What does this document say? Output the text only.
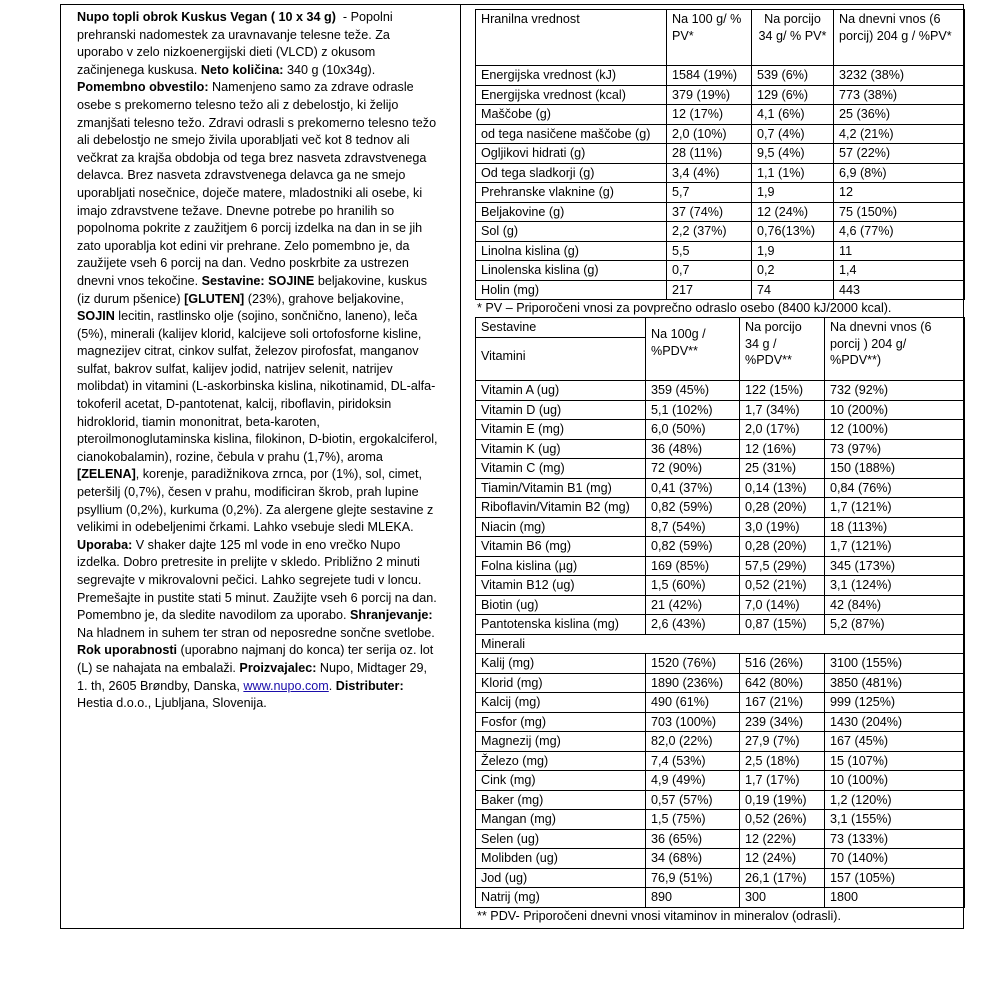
Nupo topli obrok Kuskus Vegan ( 10 x 34 g)  - Popolni prehranski nadomestek za uravnavanje telesne teže. Za uporabo v zelo nizkoenergijski dieti (VLCD) z okusom začinjenega kuskusa. Neto količina: 340 g (10x34g). Pomembno obvestilo: Namenjeno samo za zdrave odrasle osebe s prekomerno telesno težo ali z debelostjo, ki želijo zmanjšati telesno težo. Zdravi odrasli s prekomerno telesno težo ali debelostjo ne smejo živila uporabljati več kot 8 tednov ali večkrat za krajša obdobja od tega brez nasveta zdravstvenega delavca. Brez nasveta zdravstvenega delavca ga ne smejo uporabljati nosečnice, doječe matere, mladostniki ali osebe, ki imajo zdravstvene težave. Dnevne potrebe po hranilih so popolnoma pokrite z zaužitjem 6 porcij izdelka na dan in se jih zato uporablja kot edini vir prehrane. Zelo pomembno je, da zaužijete vseh 6 porcij na dan. Vedno poskrbite za ustrezen dnevni vnos tekočine. Sestavine: SOJINE beljakovine, kuskus (iz durum pšenice) [GLUTEN] (23%), grahove beljakovine, SOJIN lecitin, rastlinsko olje (sojino, sončnično, laneno), leča (5%), minerali (kalijev klorid, kalcijeve soli ortofosforne kisline, magnezijev citrat, cinkov sulfat, železov pirofosfat, manganov sulfat, bakrov sulfat, kalijev jodid, natrijev selenit, natrijev molibdat) in vitamini (L-askorbinska kislina, nikotinamid, DL-alfa-tokoferil acetat, D-pantotenat, kalcij, riboflavin, piridoksin hidroklorid, tiamin mononitrat, beta-karoten, pteroilmonoglutaminska kislina, filokinon, D-biotin, ergokalciferol, cianokobalamin), rozine, čebula v prahu (1,7%), aroma [ZELENA], korenje, paradižnikova zrnca, por (1%), sol, cimet, peteršilj (0,7%), česen v prahu, modificiran škrob, prah lupine psyllium (0,2%), kurkuma (0,2%). Za alergene glejte sestavine z velikimi in odebeljenimi črkami. Lahko vsebuje sledi MLEKA. Uporaba: V shaker dajte 125 ml vode in eno vrečko Nupo izdelka. Dobro pretresite in prelijte v skledo. Približno 2 minuti segrevajte v mikrovalovni pečici. Lahko segrejete tudi v loncu. Premešajte in pustite stati 5 minut. Zaužijte vseh 6 porcij na dan. Pomembno je, da sledite navodilom za uporabo. Shranjevanje: Na hladnem in suhem ter stran od neposredne sončne svetlobe. Rok uporabnosti (uporabno najmanj do konca) ter serija oz. lot (L) se nahajata na embalaži. Proizvajalec: Nupo, Midtager 29, 1. th, 2605 Brøndby, Danska, www.nupo.com. Distributer: Hestia d.o.o., Ljubljana, Slovenija.
Hranilna vrednost	Na 100 g/ % PV*	Na porcijo 34 g/ % PV*	Na dnevni vnos (6 porcij) 204 g / %PV*
Energijska vrednost (kJ)	1584 (19%)	539 (6%)	3232 (38%)
Energijska vrednost (kcal)	379 (19%)	129 (6%)	773 (38%)
Maščobe (g)	12 (17%)	4,1 (6%)	25 (36%)
od tega nasičene maščobe (g)	2,0 (10%)	0,7 (4%)	4,2 (21%)
Ogljikovi hidrati (g)	28 (11%)	9,5 (4%)	57 (22%)
Od tega sladkorji (g)	3,4 (4%)	1,1 (1%)	6,9 (8%)
Prehranske vlaknine (g)	5,7	1,9	12
Beljakovine (g)	37 (74%)	12 (24%)	75 (150%)
Sol (g)	2,2 (37%)	0,76(13%)	4,6 (77%)
Linolna kislina (g)	5,5	1,9	11
Linolenska kislina (g)	0,7	0,2	1,4
Holin (mg)	217	74	443
* PV – Priporočeni vnosi za povprečno odraslo osebo (8400 kJ/2000 kcal).
Sestavine	Na 100g / %PDV**	Na porcijo 34 g / %PDV**	Na dnevni vnos (6 porcij ) 204 g/ %PDV**)
Vitamini			
Vitamin A (ug)	359 (45%)	122 (15%)	732 (92%)
Vitamin D (ug)	5,1 (102%)	1,7 (34%)	10 (200%)
Vitamin E (mg)	6,0 (50%)	2,0 (17%)	12 (100%)
Vitamin K (ug)	36 (48%)	12 (16%)	73 (97%)
Vitamin C (mg)	72 (90%)	25 (31%)	150 (188%)
Tiamin/Vitamin B1 (mg)	0,41 (37%)	0,14 (13%)	0,84 (76%)
Riboflavin/Vitamin B2 (mg)	0,82 (59%)	0,28 (20%)	1,7 (121%)
Niacin (mg)	8,7 (54%)	3,0 (19%)	18 (113%)
Vitamin B6 (mg)	0,82 (59%)	0,28 (20%)	1,7 (121%)
Folna kislina (µg)	169 (85%)	57,5 (29%)	345 (173%)
Vitamin B12 (ug)	1,5 (60%)	0,52 (21%)	3,1 (124%)
Biotin (ug)	21 (42%)	7,0 (14%)	42 (84%)
Pantotenska kislina (mg)	2,6 (43%)	0,87 (15%)	5,2 (87%)
Minerali			
Kalij (mg)	1520 (76%)	516 (26%)	3100 (155%)
Klorid (mg)	1890 (236%)	642 (80%)	3850 (481%)
Kalcij (mg)	490 (61%)	167 (21%)	999 (125%)
Fosfor (mg)	703 (100%)	239 (34%)	1430 (204%)
Magnezij (mg)	82,0 (22%)	27,9 (7%)	167 (45%)
Železo (mg)	7,4 (53%)	2,5 (18%)	15 (107%)
Cink (mg)	4,9 (49%)	1,7 (17%)	10 (100%)
Baker (mg)	0,57 (57%)	0,19 (19%)	1,2 (120%)
Mangan (mg)	1,5 (75%)	0,52 (26%)	3,1 (155%)
Selen (ug)	36 (65%)	12 (22%)	73 (133%)
Molibden (ug)	34 (68%)	12 (24%)	70 (140%)
Jod (ug)	76,9 (51%)	26,1 (17%)	157 (105%)
Natrij (mg)	890	300	1800
** PDV- Priporočeni dnevni vnosi vitaminov in mineralov (odrasli).
